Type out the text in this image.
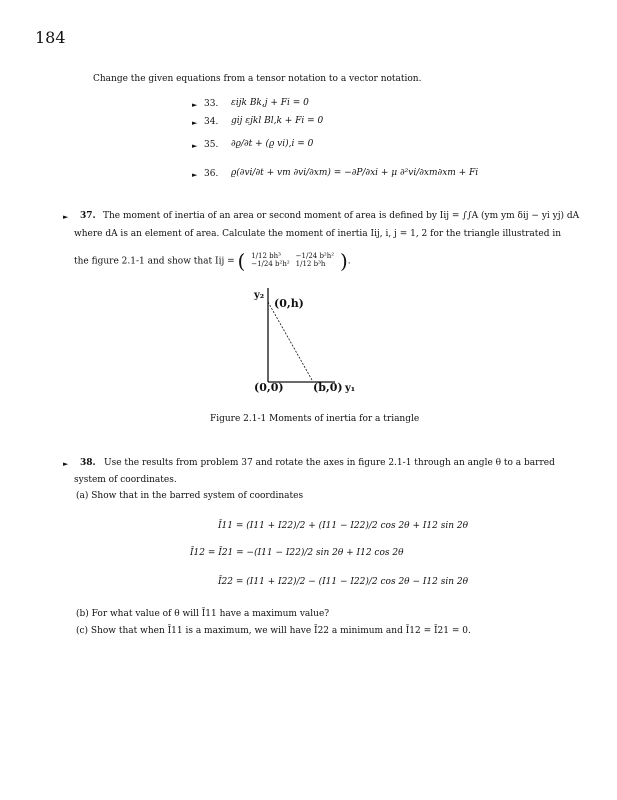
184
Change the given equations from a tensor notation to a vector notation.
► 33. εijk Bk,j + Fi = 0
► 34. gij εjkl Bl,k + Fi = 0
► 35. ∂ϱ/∂t + (ϱ vi),i = 0
► 36. ϱ(∂vi/∂t + vm ∂vi/∂xm) = −∂P/∂xi + μ ∂²vi/∂xm∂xm + Fi
► 37. The moment of inertia of an area or second moment of area is defined by Iij = ∫∫A (ym ym δij − yi yj) dA
where dA is an element of area. Calculate the moment of inertia Iij, i, j = 1, 2 for the triangle illustrated in
the figure 2.1-1 and show that Iij = ( 1/12 bh³	−1/24 b²h²
−1/24 b²h²	1/12 b³h ).
y₂
(0,h)
(0,0)	(b,0) y₁
Figure 2.1-1 Moments of inertia for a triangle
► 38. Use the results from problem 37 and rotate the axes in figure 2.1-1 through an angle θ to a barred
system of coordinates.
(a) Show that in the barred system of coordinates
Ī11 = (I11 + I22)/2 + (I11 − I22)/2 cos 2θ + I12 sin 2θ
Ī12 = Ī21 = −(I11 − I22)/2 sin 2θ + I12 cos 2θ
Ī22 = (I11 + I22)/2 − (I11 − I22)/2 cos 2θ − I12 sin 2θ
(b) For what value of θ will Ī11 have a maximum value?
(c) Show that when Ī11 is a maximum, we will have Ī22 a minimum and Ī12 = Ī21 = 0.
